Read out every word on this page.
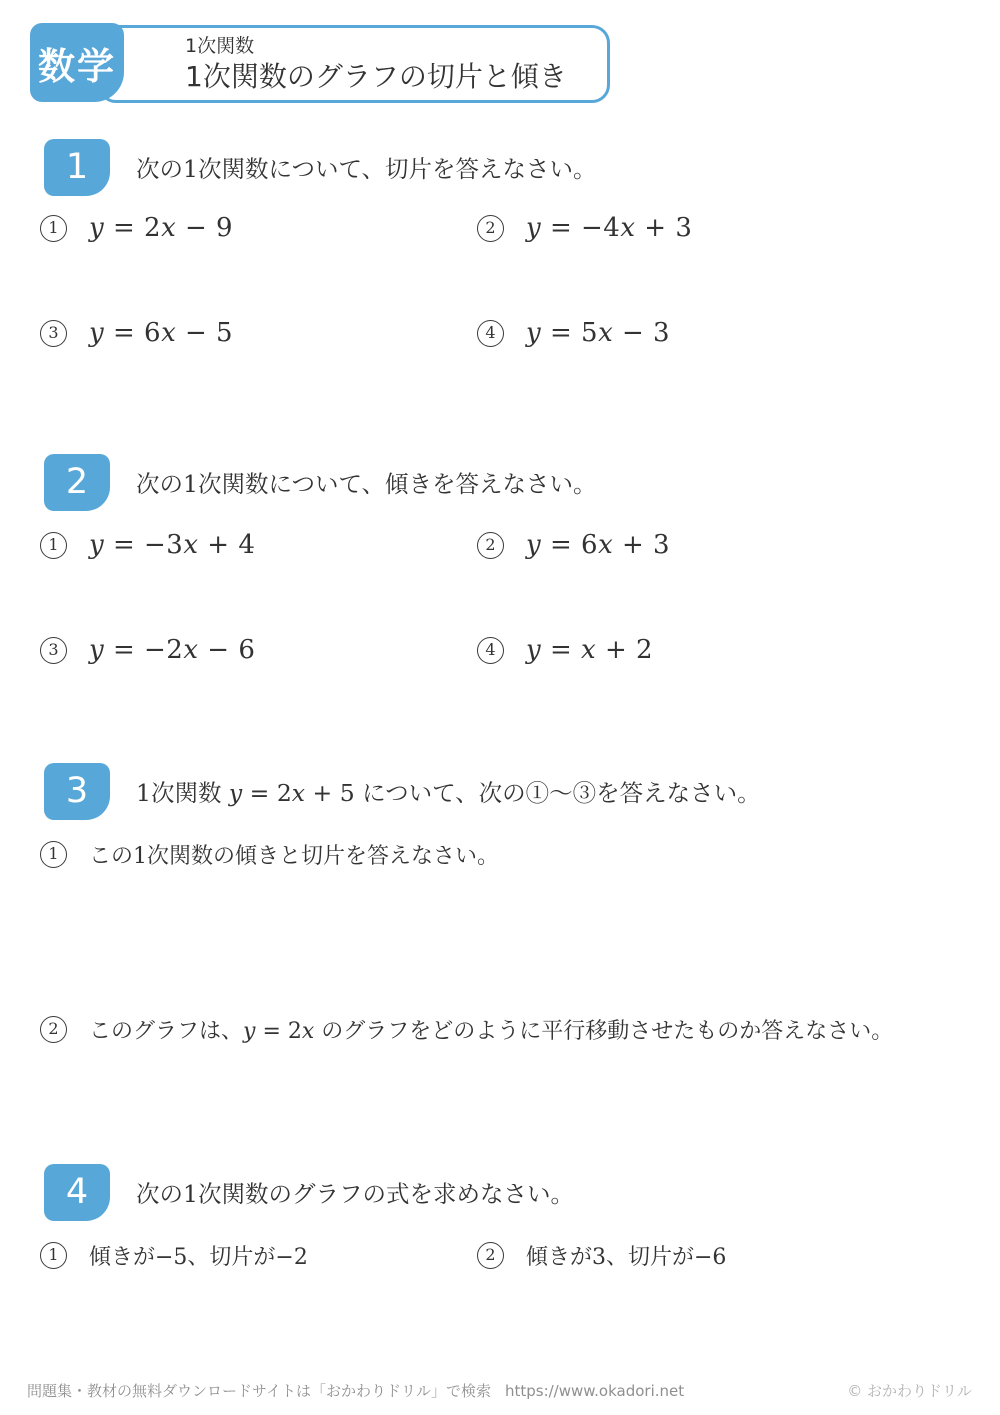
数学	1次関数
1次関数のグラフの切片と傾き
1	次の1次関数について、切片を答えなさい。
1	y = 2x − 9	2	y = −4x + 3
3	y = 6x − 5	4	y = 5x − 3
2	次の1次関数について、傾きを答えなさい。
1	y = −3x + 4	2	y = 6x + 3
3	y = −2x − 6	4	y = x + 2
3	1次関数 y = 2x + 5 について、次の①～③を答えなさい。
1	この1次関数の傾きと切片を答えなさい。
2	このグラフは、y = 2x のグラフをどのように平行移動させたものか答えなさい。
4	次の1次関数のグラフの式を求めなさい。
1	傾きが−5、切片が−2	2	傾きが3、切片が−6
問題集・教材の無料ダウンロードサイトは「おかわりドリル」で検索 https://www.okadori.net	© おかわりドリル
